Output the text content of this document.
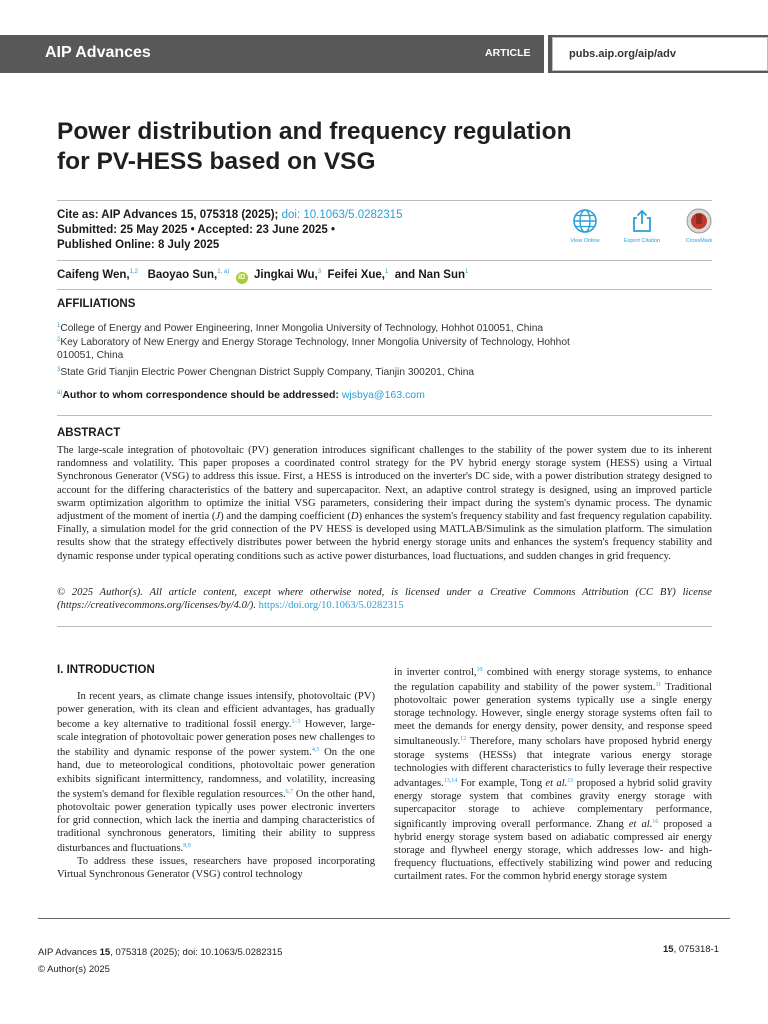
AIP Advances	ARTICLE	pubs.aip.org/aip/adv
Power distribution and frequency regulation
for PV-HESS based on VSG
Cite as: AIP Advances 15, 075318 (2025); doi: 10.1063/5.0282315
Submitted: 25 May 2025 • Accepted: 23 June 2025 •
Published Online: 8 July 2025	View Online	Export Citation	CrossMark
Caifeng Wen,$^{1,2}$ Baoyao Sun,$^{1, a)}$  iD Jingkai Wu,$^3$ Feifei Xue,$^1$ and Nan Sun$^1$
AFFILIATIONS
$^1$College of Energy and Power Engineering, Inner Mongolia University of Technology, Hohhot 010051, China
$^2$Key Laboratory of New Energy and Energy Storage Technology, Inner Mongolia University of Technology, Hohhot 010051, China
$^3$State Grid Tianjin Electric Power Chengnan District Supply Company, Tianjin 300201, China
$^{a)}$Author to whom correspondence should be addressed: wjsbya@163.com
ABSTRACT
The large-scale integration of photovoltaic (PV) generation introduces significant challenges to the stability of the power system due to its inherent randomness and volatility. This paper proposes a coordinated control strategy for the PV hybrid energy storage system (HESS) using a Virtual Synchronous Generator (VSG) to address this issue. First, a HESS is introduced on the inverter's DC side, with a power distribution strategy designed to account for the differing characteristics of the battery and supercapacitor. Next, an adaptive control strategy is designed, using an improved particle swarm optimization algorithm to optimize the initial VSG parameters, considering their impact during the system's dynamic process. The dynamic adjustment of the moment of inertia (J) and the damping coefficient (D) enhances the system's frequency stability and fast frequency regulation capability. Finally, a simulation model for the grid connection of the PV HESS is developed using MATLAB/Simulink as the simulation platform. The simulation results show that the strategy effectively distributes power between the hybrid energy storage units and enhances the system's frequency stability and dynamic response under typical operating conditions such as active power disturbances, load fluctuations, and sudden changes in grid frequency.
© 2025 Author(s). All article content, except where otherwise noted, is licensed under a Creative Commons Attribution (CC BY) license (https://creativecommons.org/licenses/by/4.0/). https://doi.org/10.1063/5.0282315
I. INTRODUCTION

In recent years, as climate change issues intensify, photovoltaic (PV) power generation, with its clean and efficient advantages, has gradually become a key alternative to traditional fossil energy.$^{1-3}$ However, large-scale integration of photovoltaic power generation poses new challenges to the stability and dynamic response of the power system.$^{4,5}$ On the one hand, due to meteorological conditions, photovoltaic power generation exhibits significant intermittency, randomness, and volatility, increasing the system's demand for flexible regulation resources.$^{6,7}$ On the other hand, photovoltaic power generation typically uses power electronic inverters for grid connection, which lack the inertia and damping characteristics of traditional synchronous generators, limiting their ability to suppress disturbances and fluctuations.$^{8,9}$

To address these issues, researchers have proposed incorporating Virtual Synchronous Generator (VSG) control technology

in inverter control,$^{10}$ combined with energy storage systems, to enhance the regulation capability and stability of the power system.$^{11}$ Traditional photovoltaic power generation systems typically use a single energy storage technology. However, single energy storage systems often fail to meet the demands for energy density, power density, and response speed simultaneously.$^{12}$ Therefore, many scholars have proposed hybrid energy storage systems (HESSs) that integrate various energy storage technologies with different characteristics to fully leverage their respective advantages.$^{13,14}$ For example, Tong et al.$^{15}$ proposed a hybrid solid gravity energy storage system that combines gravity energy storage with supercapacitor storage to achieve complementary performance, significantly improving overall performance. Zhang et al.$^{16}$ proposed a hybrid energy storage system based on adiabatic compressed air energy storage and flywheel energy storage, which addresses low- and high-frequency fluctuations, effectively stabilizing wind power and reducing curtailment rates. For the common hybrid energy storage system

AIP Advances 15, 075318 (2025); doi: 10.1063/5.0282315
© Author(s) 2025
15, 075318-1
